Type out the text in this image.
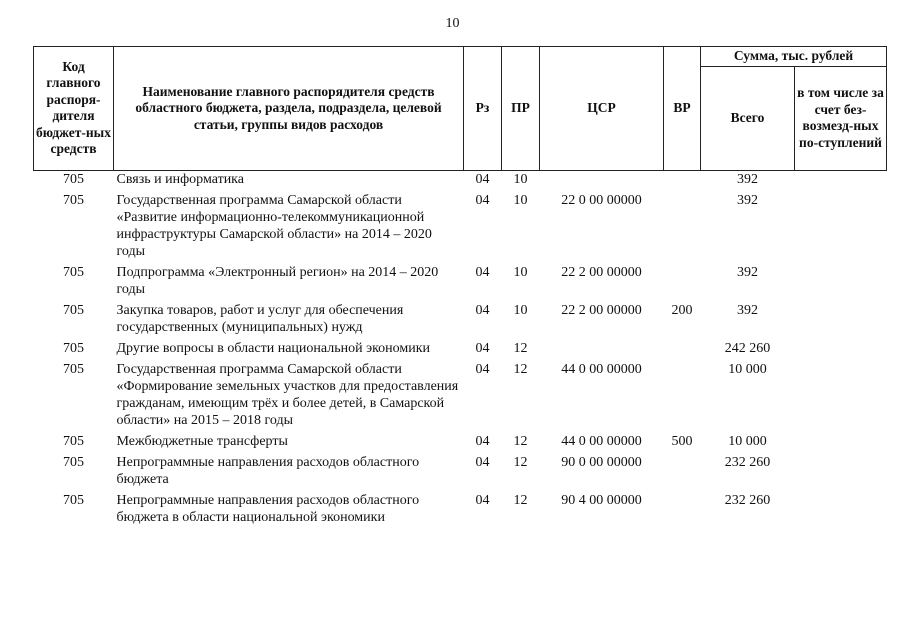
10
Код главного распоря-дителя бюджет-ных средств	Наименование главного распорядителя средств областного бюджета, раздела, подраздела, целевой статьи, группы видов расходов	Рз	ПР	ЦСР	ВР	Сумма, тыс. рублей	
						Всего	в том числе за счет без-возмезд-ных по-ступлений
705	Связь и информатика	04	10			392	
705	Государственная программа Самарской области «Развитие информационно-телекоммуникационной инфраструктуры Самарской области» на 2014 – 2020 годы	04	10	22 0 00 00000		392	
705	Подпрограмма «Электронный регион» на 2014 – 2020 годы	04	10	22 2 00 00000		392	
705	Закупка товаров, работ и услуг для обеспечения государственных (муниципальных) нужд	04	10	22 2 00 00000	200	392	
705	Другие вопросы в области национальной экономики	04	12			242 260	
705	Государственная программа Самарской области «Формирование земельных участков для предоставления гражданам, имеющим трёх и более детей, в Самарской области» на 2015 – 2018 годы	04	12	44 0 00 00000		10 000	
705	Межбюджетные трансферты	04	12	44 0 00 00000	500	10 000	
705	Непрограммные направления расходов областного бюджета	04	12	90 0 00 00000		232 260	
705	Непрограммные направления расходов областного бюджета в области национальной экономики	04	12	90 4 00 00000		232 260	
